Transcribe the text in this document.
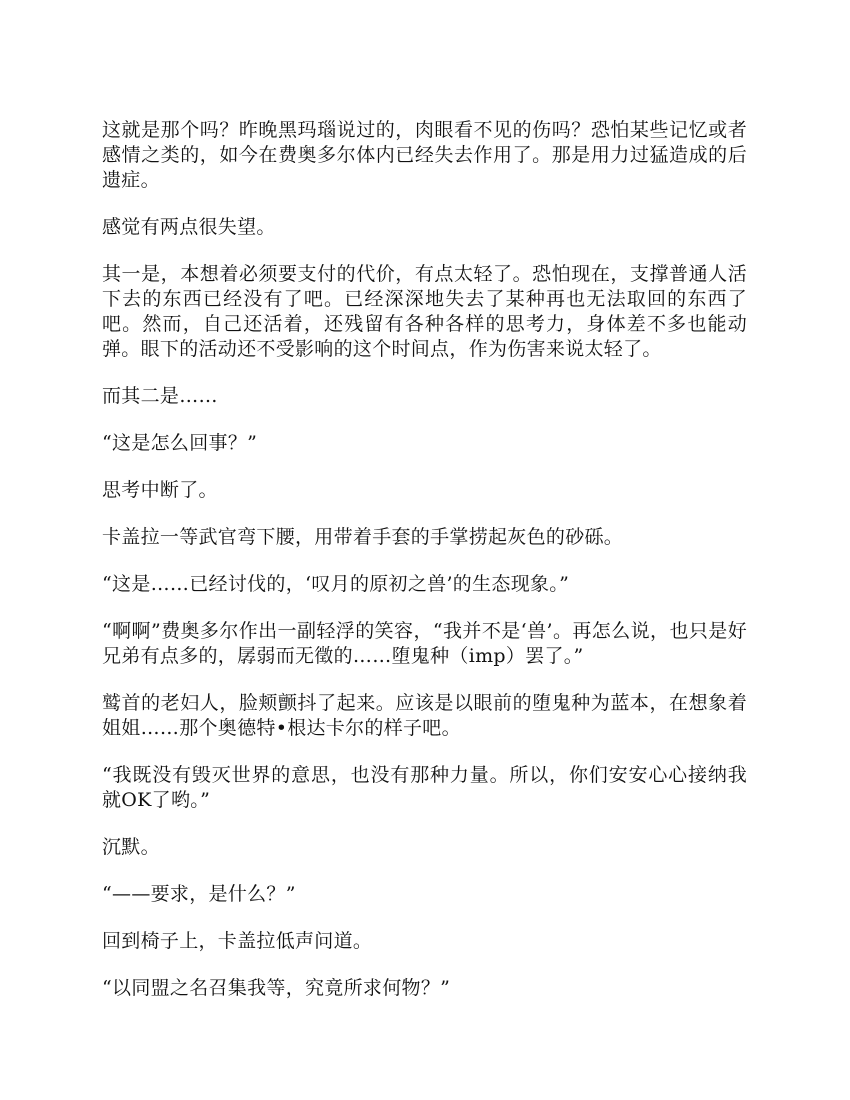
这就是那个吗？昨晚黑玛瑙说过的，肉眼看不见的伤吗？恐怕某些记忆或者感情之类的，如今在费奥多尔体内已经失去作用了。那是用力过猛造成的后遗症。

感觉有两点很失望。

其一是，本想着必须要支付的代价，有点太轻了。恐怕现在，支撑普通人活下去的东西已经没有了吧。已经深深地失去了某种再也无法取回的东西了吧。然而，自己还活着，还残留有各种各样的思考力，身体差不多也能动弹。眼下的活动还不受影响的这个时间点，作为伤害来说太轻了。

而其二是……

“这是怎么回事？”

思考中断了。

卡盖拉一等武官弯下腰，用带着手套的手掌捞起灰色的砂砾。

“这是……已经讨伐的，‘叹月的原初之兽’的生态现象。”

“啊啊”费奥多尔作出一副轻浮的笑容，“我并不是‘兽’。再怎么说，也只是好兄弟有点多的，孱弱而无徵的……堕鬼种（imp）罢了。”

鹫首的老妇人，脸颊颤抖了起来。应该是以眼前的堕鬼种为蓝本，在想象着姐姐……那个奥德特•根达卡尔的样子吧。

“我既没有毁灭世界的意思，也没有那种力量。所以，你们安安心心接纳我就OK了哟。”

沉默。

“——要求，是什么？”

回到椅子上，卡盖拉低声问道。

“以同盟之名召集我等，究竟所求何物？”
